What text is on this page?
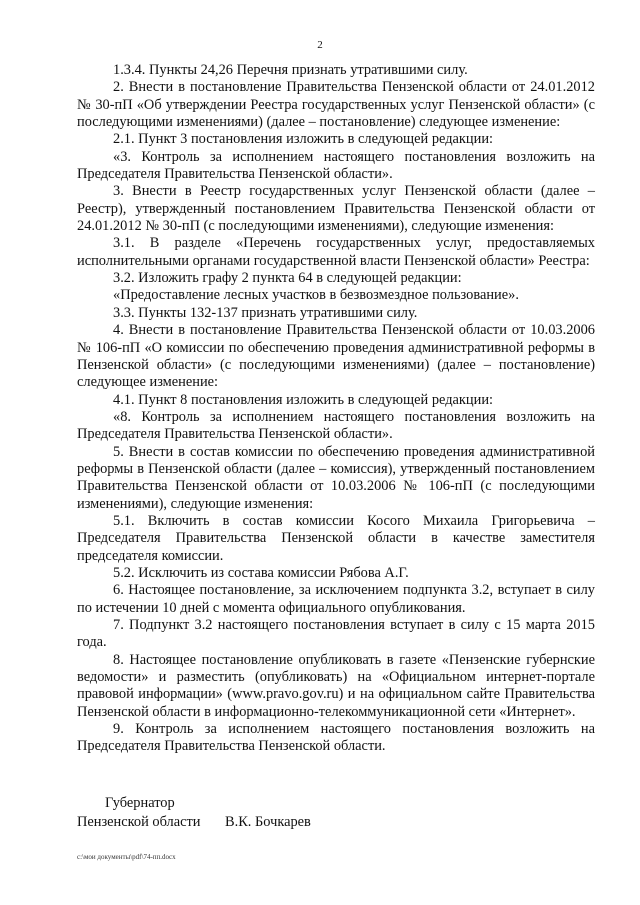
2

1.3.4. Пункты 24,26 Перечня признать утратившими силу.

2. Внести в постановление Правительства Пензенской области от 24.01.2012 № 30-пП «Об утверждении Реестра государственных услуг Пензенской области» (с последующими изменениями) (далее – постановление) следующее изменение:

2.1. Пункт 3 постановления изложить в следующей редакции:

«3. Контроль за исполнением настоящего постановления возложить на Председателя Правительства Пензенской области».

3. Внести в Реестр государственных услуг Пензенской области (далее – Реестр), утвержденный постановлением Правительства Пензенской области от 24.01.2012 № 30-пП (с последующими изменениями), следующие изменения:

3.1. В разделе «Перечень государственных услуг, предоставляемых исполнительными органами государственной власти Пензенской области» Реестра:

3.2. Изложить графу 2 пункта 64 в следующей редакции:

«Предоставление лесных участков в безвозмездное пользование».

3.3. Пункты 132-137 признать утратившими силу.

4. Внести в постановление Правительства Пензенской области от 10.03.2006 № 106-пП «О комиссии по обеспечению проведения административной реформы в Пензенской области» (с последующими изменениями) (далее – постановление) следующее изменение:

4.1. Пункт 8 постановления изложить в следующей редакции:

«8. Контроль за исполнением настоящего постановления возложить на Председателя Правительства Пензенской области».

5. Внести в состав комиссии по обеспечению проведения административной реформы в Пензенской области (далее – комиссия), утвержденный постановлением Правительства Пензенской области от 10.03.2006 № 106-пП (с последующими изменениями), следующие изменения:

5.1. Включить в состав комиссии Косого Михаила Григорьевича – Председателя Правительства Пензенской области в качестве заместителя председателя комиссии.

5.2. Исключить из состава комиссии Рябова А.Г.

6. Настоящее постановление, за исключением подпункта 3.2, вступает в силу по истечении 10 дней с момента официального опубликования.

7. Подпункт 3.2 настоящего постановления вступает в силу с 15 марта 2015 года.

8. Настоящее постановление опубликовать в газете «Пензенские губернские ведомости» и разместить (опубликовать) на «Официальном интернет-портале правовой информации» (www.pravo.gov.ru) и на официальном сайте Правительства Пензенской области в информационно-телекоммуникационной сети «Интернет».

9. Контроль за исполнением настоящего постановления возложить на Председателя Правительства Пензенской области.

Губернатор
Пензенской области В.К. Бочкарев
c:\мои документы\pdf\74-пп.docx
